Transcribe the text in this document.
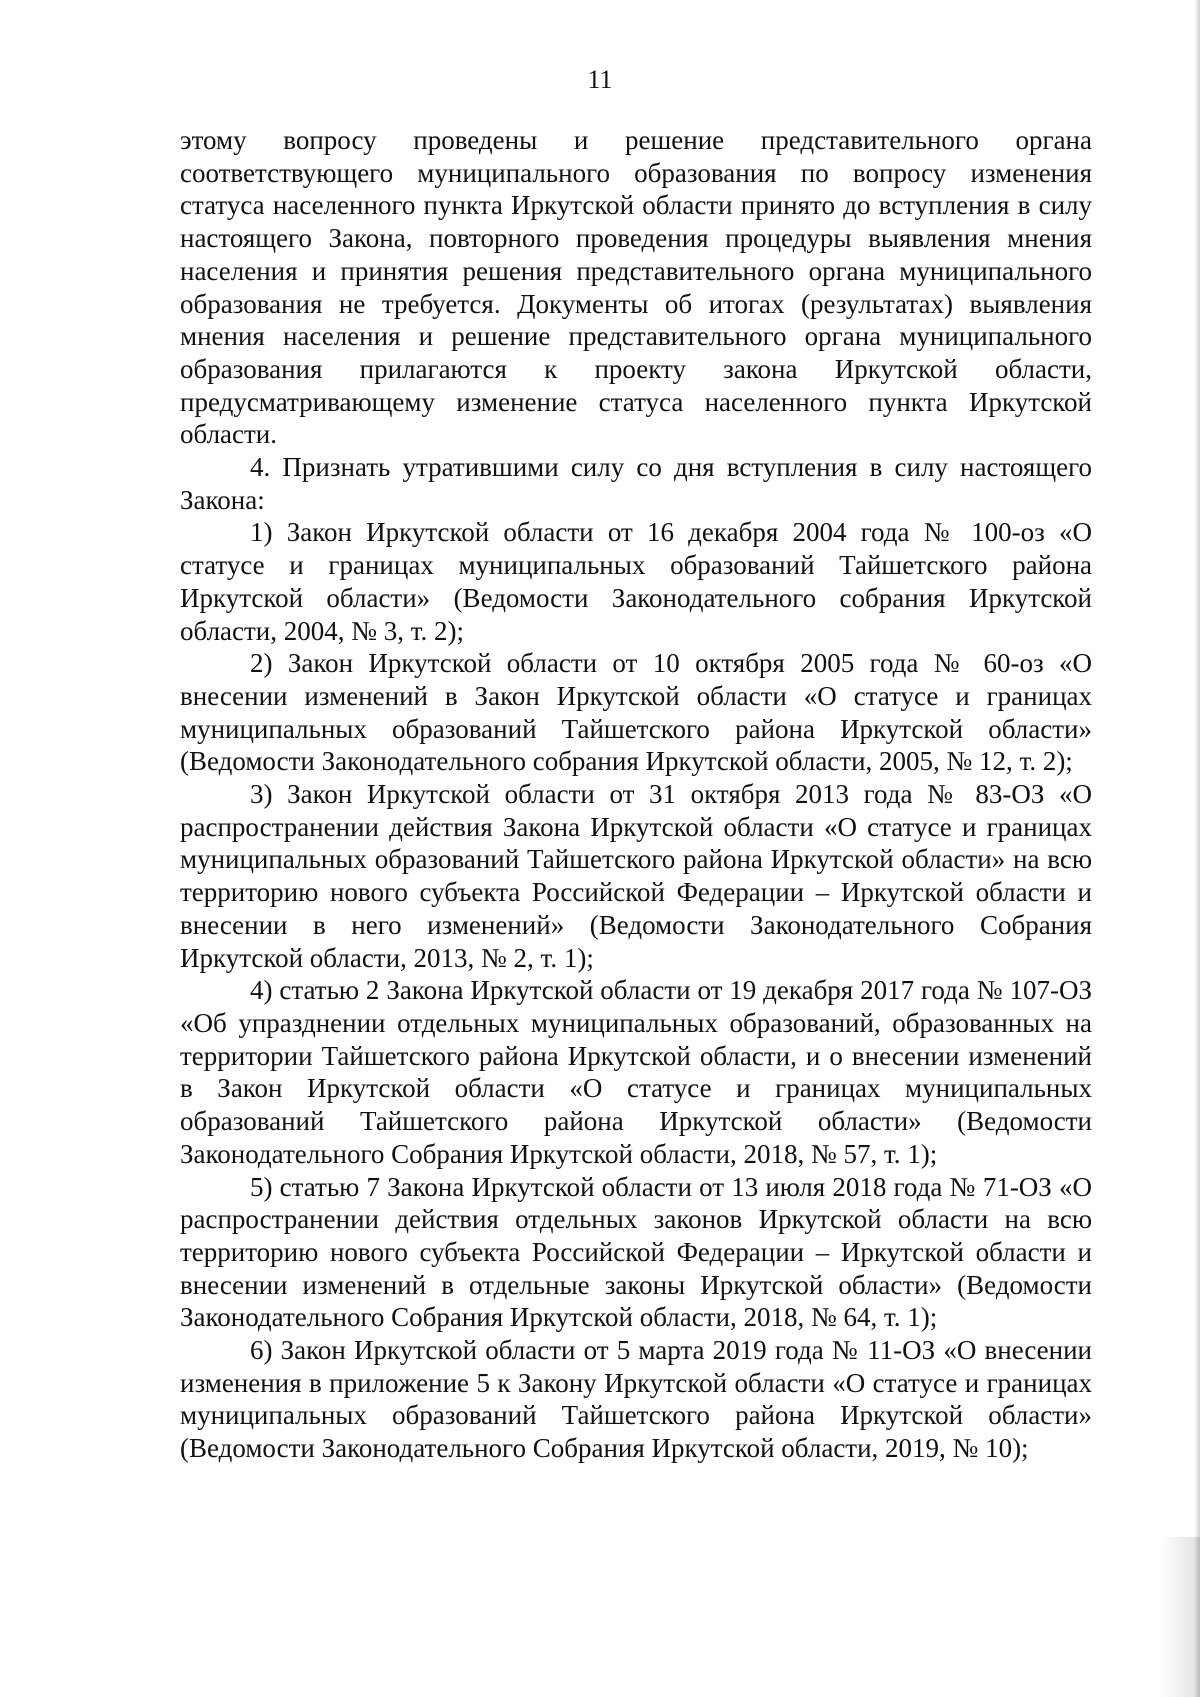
11

этому вопросу проведены и решение представительного органа соответствующего муниципального образования по вопросу изменения статуса населенного пункта Иркутской области принято до вступления в силу настоящего Закона, повторного проведения процедуры выявления мнения населения и принятия решения представительного органа муниципального образования не требуется. Документы об итогах (результатах) выявления мнения населения и решение представительного органа муниципального образования прилагаются к проекту закона Иркутской области, предусматривающему изменение статуса населенного пункта Иркутской области.

4. Признать утратившими силу со дня вступления в силу настоящего Закона:

1) Закон Иркутской области от 16 декабря 2004 года № 100-оз «О статусе и границах муниципальных образований Тайшетского района Иркутской области» (Ведомости Законодательного собрания Иркутской области, 2004, № 3, т. 2);

2) Закон Иркутской области от 10 октября 2005 года № 60-оз «О внесении изменений в Закон Иркутской области «О статусе и границах муниципальных образований Тайшетского района Иркутской области» (Ведомости Законодательного собрания Иркутской области, 2005, № 12, т. 2);

3) Закон Иркутской области от 31 октября 2013 года № 83-ОЗ «О распространении действия Закона Иркутской области «О статусе и границах муниципальных образований Тайшетского района Иркутской области» на всю территорию нового субъекта Российской Федерации – Иркутской области и внесении в него изменений» (Ведомости Законодательного Собрания Иркутской области, 2013, № 2, т. 1);

4) статью 2 Закона Иркутской области от 19 декабря 2017 года № 107-ОЗ «Об упразднении отдельных муниципальных образований, образованных на территории Тайшетского района Иркутской области, и о внесении изменений в Закон Иркутской области «О статусе и границах муниципальных образований Тайшетского района Иркутской области» (Ведомости Законодательного Собрания Иркутской области, 2018, № 57, т. 1);

5) статью 7 Закона Иркутской области от 13 июля 2018 года № 71-ОЗ «О распространении действия отдельных законов Иркутской области на всю территорию нового субъекта Российской Федерации – Иркутской области и внесении изменений в отдельные законы Иркутской области» (Ведомости Законодательного Собрания Иркутской области, 2018, № 64, т. 1);

6) Закон Иркутской области от 5 марта 2019 года № 11-ОЗ «О внесении изменения в приложение 5 к Закону Иркутской области «О статусе и границах муниципальных образований Тайшетского района Иркутской области» (Ведомости Законодательного Собрания Иркутской области, 2019, № 10);
